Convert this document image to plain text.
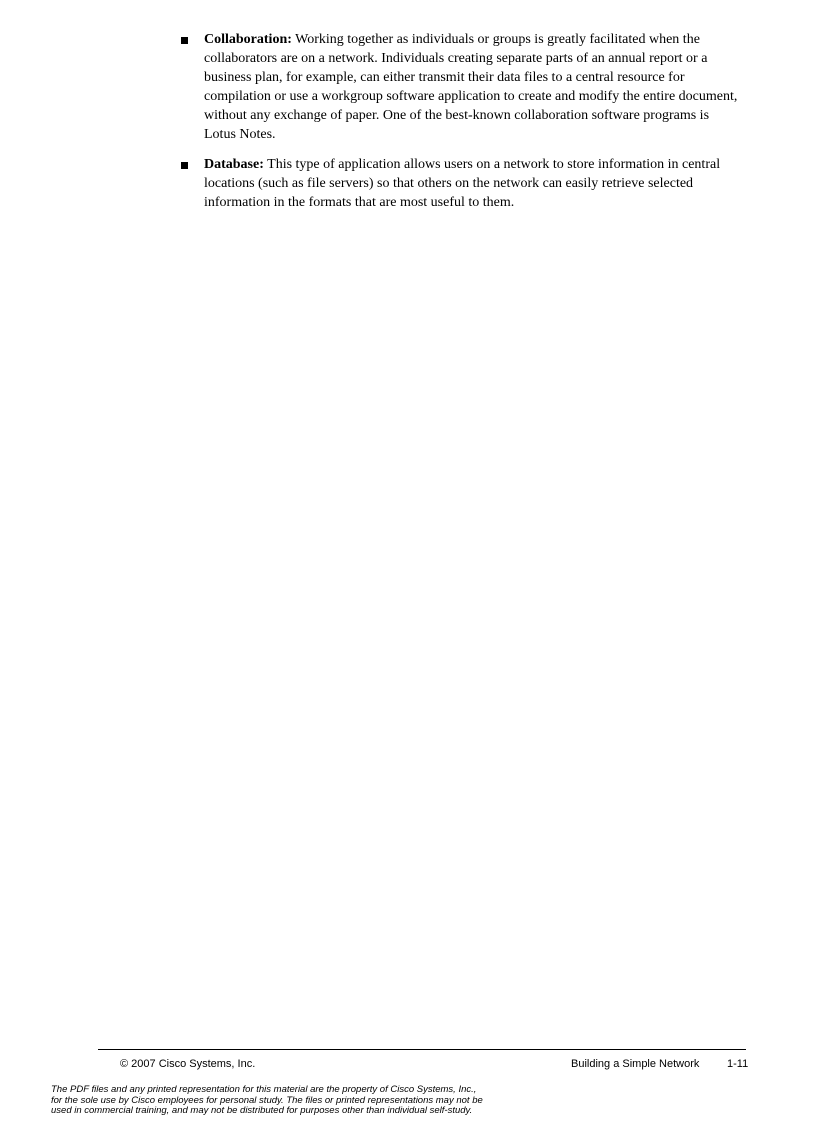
Collaboration: Working together as individuals or groups is greatly facilitated when the collaborators are on a network. Individuals creating separate parts of an annual report or a business plan, for example, can either transmit their data files to a central resource for compilation or use a workgroup software application to create and modify the entire document, without any exchange of paper. One of the best-known collaboration software programs is Lotus Notes.
Database: This type of application allows users on a network to store information in central locations (such as file servers) so that others on the network can easily retrieve selected information in the formats that are most useful to them.
© 2007 Cisco Systems, Inc.	Building a Simple Network	1-11
The PDF files and any printed representation for this material are the property of Cisco Systems, Inc.,
for the sole use by Cisco employees for personal study. The files or printed representations may not be
used in commercial training, and may not be distributed for purposes other than individual self-study.
